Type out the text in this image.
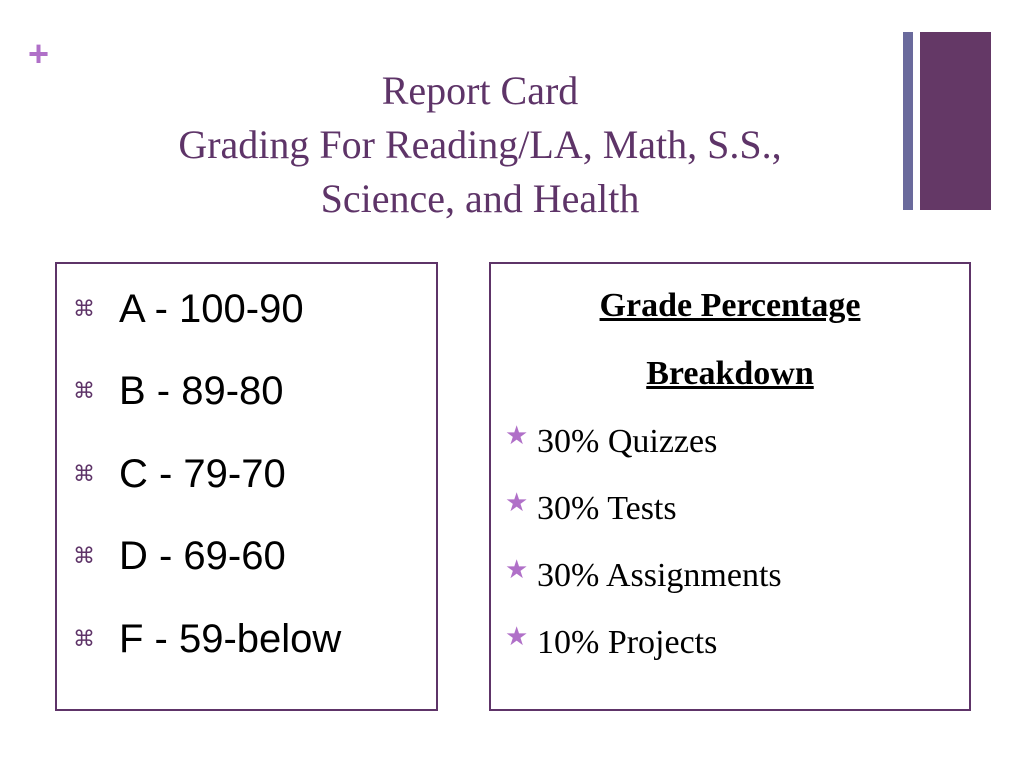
+
Report Card
Grading For Reading/LA, Math, S.S.,
Science, and Health
⌘ A - 100-90
⌘ B - 89-80
⌘ C - 79-70
⌘ D - 69-60
⌘ F - 59-below
Grade Percentage
Breakdown
★ 30% Quizzes
★ 30% Tests
★ 30% Assignments
★ 10% Projects
